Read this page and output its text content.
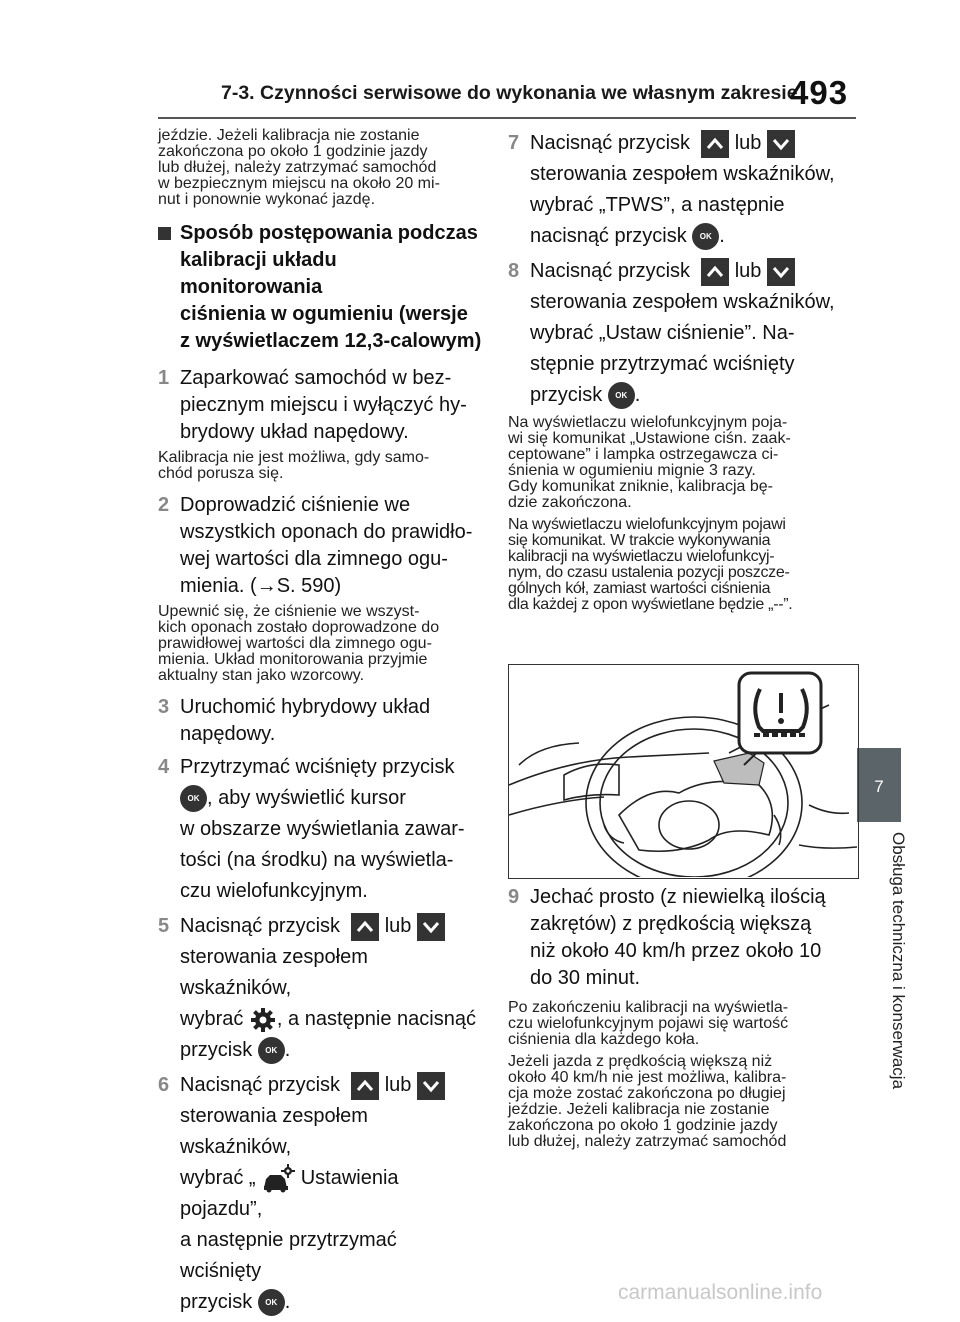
7-3. Czynności serwisowe do wykonania we własnym zakresie
493
7
Obsługa techniczna i konserwacja
jeździe. Jeżeli kalibracja nie zostanie
zakończona po około 1 godzinie jazdy
lub dłużej, należy zatrzymać samochód
w bezpiecznym miejscu na około 20 mi-
nut i ponownie wykonać jazdę.
Sposób postępowania podczas
kalibracji układu monitorowania
ciśnienia w ogumieniu (wersje
z wyświetlaczem 12,3-calowym)
1 Zaparkować samochód w bez-
piecznym miejscu i wyłączyć hy-
brydowy układ napędowy.
Kalibracja nie jest możliwa, gdy samo-
chód porusza się.
2 Doprowadzić ciśnienie we
wszystkich oponach do prawidło-
wej wartości dla zimnego ogu-
mienia. (→S. 590)
Upewnić się, że ciśnienie we wszyst-
kich oponach zostało doprowadzone do
prawidłowej wartości dla zimnego ogu-
mienia. Układ monitorowania przyjmie
aktualny stan jako wzorcowy.
3 Uruchomić hybrydowy układ
napędowy.
4 Przytrzymać wciśnięty przycisk
OK , aby wyświetlić kursor
w obszarze wyświetlania zawar-
tości (na środku) na wyświetla-
czu wielofunkcyjnym.
5 Nacisnąć przycisk lub
sterowania zespołem wskaźników,
wybrać , a następnie nacisnąć
przycisk OK .
6 Nacisnąć przycisk lub
sterowania zespołem wskaźników,
wybrać „ Ustawienia pojazdu”,
a następnie przytrzymać wciśnięty
przycisk OK .
7 Nacisnąć przycisk lub
sterowania zespołem wskaźników,
wybrać „TPWS”, a następnie
nacisnąć przycisk OK .
8 Nacisnąć przycisk lub
sterowania zespołem wskaźników,
wybrać „Ustaw ciśnienie”. Na-
stępnie przytrzymać wciśnięty
przycisk OK .
Na wyświetlaczu wielofunkcyjnym poja-
wi się komunikat „Ustawione ciśn. zaak-
ceptowane” i lampka ostrzegawcza ci-
śnienia w ogumieniu mignie 3 razy.
Gdy komunikat zniknie, kalibracja bę-
dzie zakończona.
Na wyświetlaczu wielofunkcyjnym pojawi
się komunikat. W trakcie wykonywania
kalibracji na wyświetlaczu wielofunkcyj-
nym, do czasu ustalenia pozycji poszcze-
gólnych kół, zamiast wartości ciśnienia
dla każdej z opon wyświetlane będzie „--”.
9 Jechać prosto (z niewielką ilością
zakrętów) z prędkością większą
niż około 40 km/h przez około 10
do 30 minut.
Po zakończeniu kalibracji na wyświetla-
czu wielofunkcyjnym pojawi się wartość
ciśnienia dla każdego koła.
Jeżeli jazda z prędkością większą niż
około 40 km/h nie jest możliwa, kalibra-
cja może zostać zakończona po długiej
jeździe. Jeżeli kalibracja nie zostanie
zakończona po około 1 godzinie jazdy
lub dłużej, należy zatrzymać samochód
carmanualsonline.info
